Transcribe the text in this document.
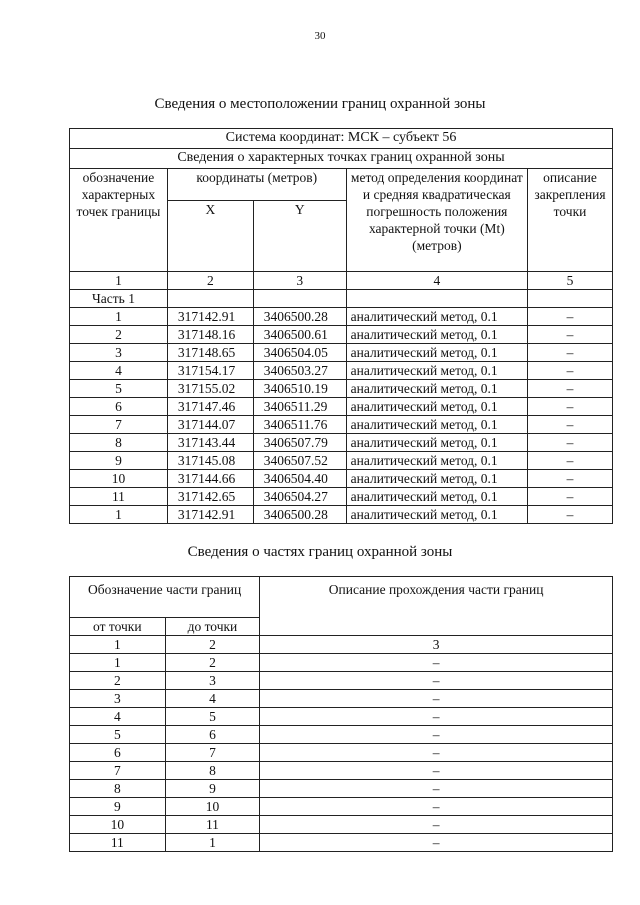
30
Сведения о местоположении границ охранной зоны
Система координат: МСК – субъект 56				
Сведения о характерных точках границ охранной зоны				
обозначение характерных точек границы	координаты (метров)		метод определения координат и средняя квадратическая погрешность положения характерной точки (Mt) (метров)	описание закрепления точки
	X	Y		
1	2	3	4	5
Часть 1				
1	317142.91	3406500.28	аналитический метод, 0.1	–
2	317148.16	3406500.61	аналитический метод, 0.1	–
3	317148.65	3406504.05	аналитический метод, 0.1	–
4	317154.17	3406503.27	аналитический метод, 0.1	–
5	317155.02	3406510.19	аналитический метод, 0.1	–
6	317147.46	3406511.29	аналитический метод, 0.1	–
7	317144.07	3406511.76	аналитический метод, 0.1	–
8	317143.44	3406507.79	аналитический метод, 0.1	–
9	317145.08	3406507.52	аналитический метод, 0.1	–
10	317144.66	3406504.40	аналитический метод, 0.1	–
11	317142.65	3406504.27	аналитический метод, 0.1	–
1	317142.91	3406500.28	аналитический метод, 0.1	–
Сведения о частях границ охранной зоны
Обозначение части границ		Описание прохождения части границ
от точки	до точки	
1	2	3
1	2	–
2	3	–
3	4	–
4	5	–
5	6	–
6	7	–
7	8	–
8	9	–
9	10	–
10	11	–
11	1	–
